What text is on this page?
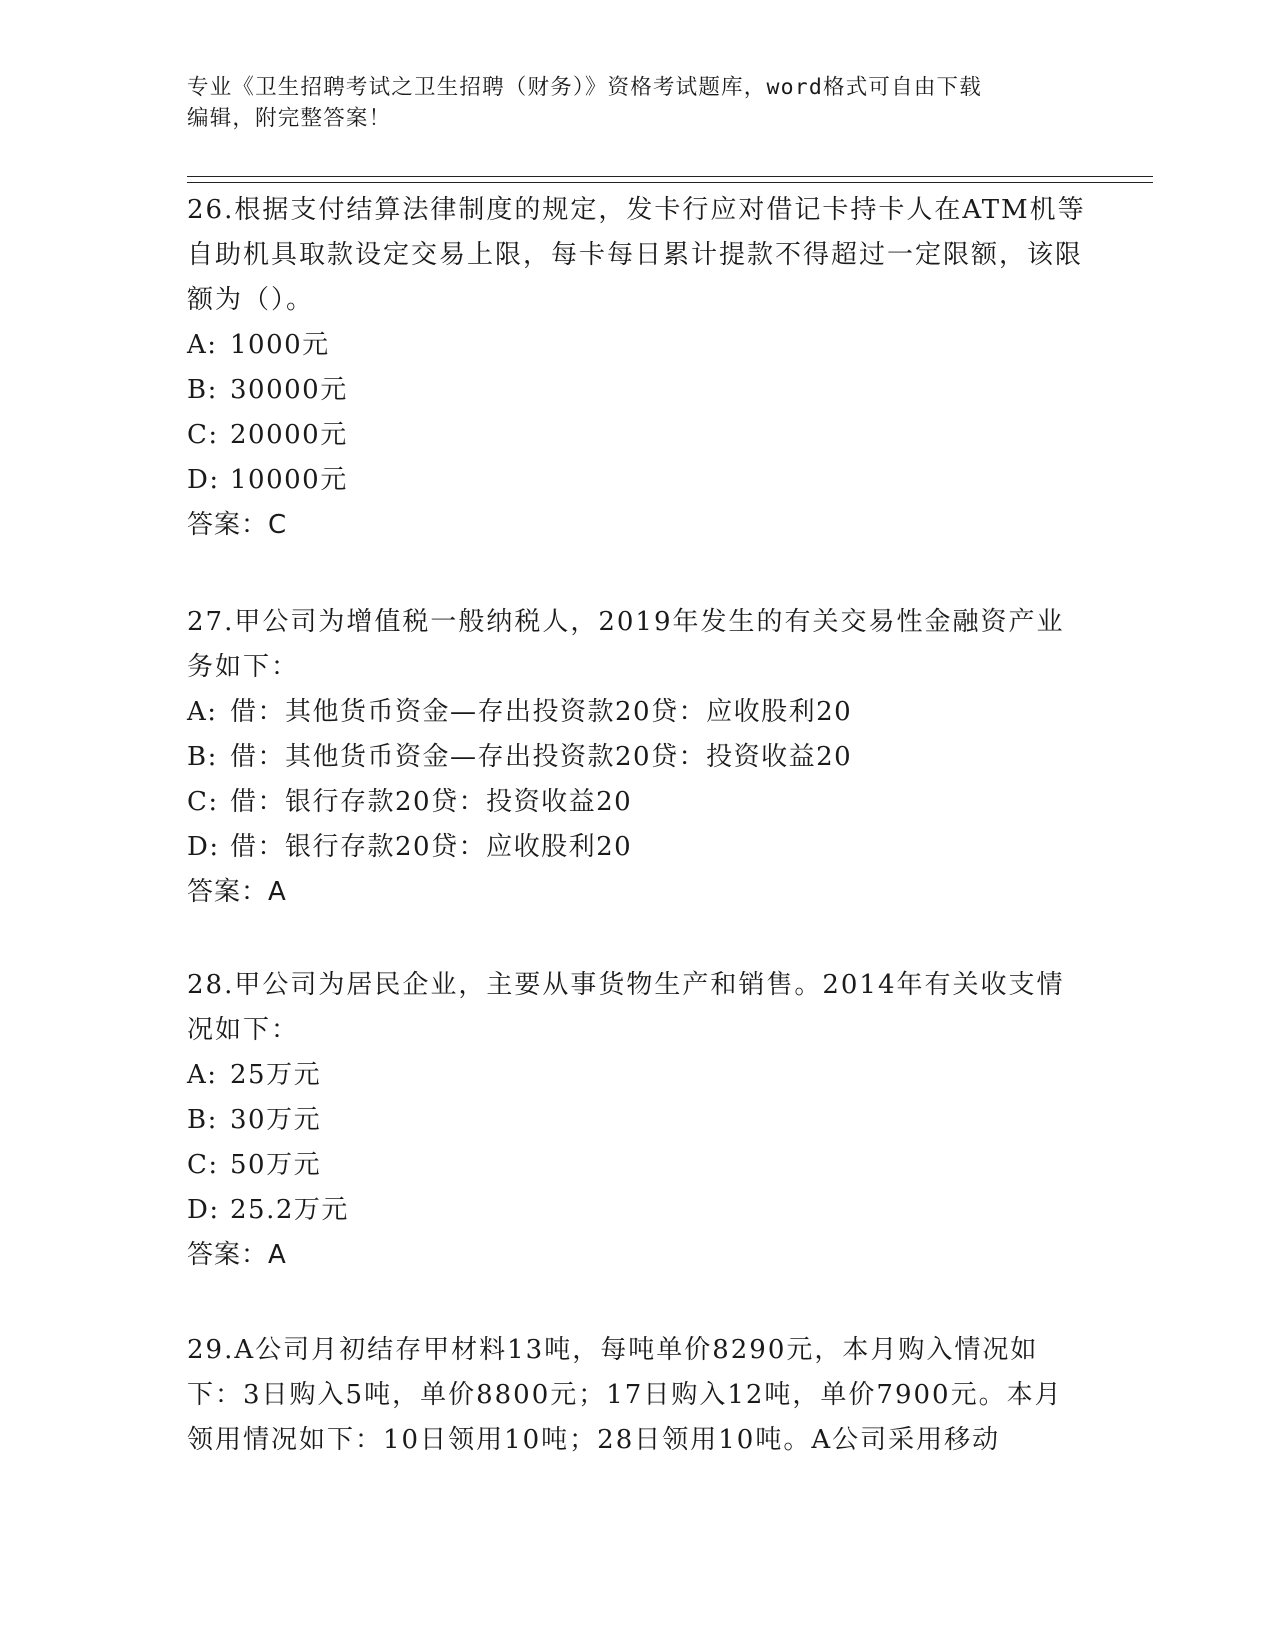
专业《卫生招聘考试之卫生招聘（财务）》资格考试题库，word格式可自由下载
编辑，附完整答案！

26.根据支付结算法律制度的规定，发卡行应对借记卡持卡人在ATM机等自助机具取款设定交易上限，每卡每日累计提款不得超过一定限额，该限额为（）。

A: 1000元

B: 30000元

C: 20000元

D: 10000元

答案：C

27.甲公司为增值税一般纳税人，2019年发生的有关交易性金融资产业务如下：

A: 借：其他货币资金—存出投资款20贷：应收股利20

B: 借：其他货币资金—存出投资款20贷：投资收益20

C: 借：银行存款20贷：投资收益20

D: 借：银行存款20贷：应收股利20

答案：A

28.甲公司为居民企业，主要从事货物生产和销售。2014年有关收支情况如下：

A: 25万元

B: 30万元

C: 50万元

D: 25.2万元

答案：A

29.A公司月初结存甲材料13吨，每吨单价8290元，本月购入情况如下：3日购入5吨，单价8800元；17日购入12吨，单价7900元。本月领用情况如下：10日领用10吨；28日领用10吨。A公司采用移动
